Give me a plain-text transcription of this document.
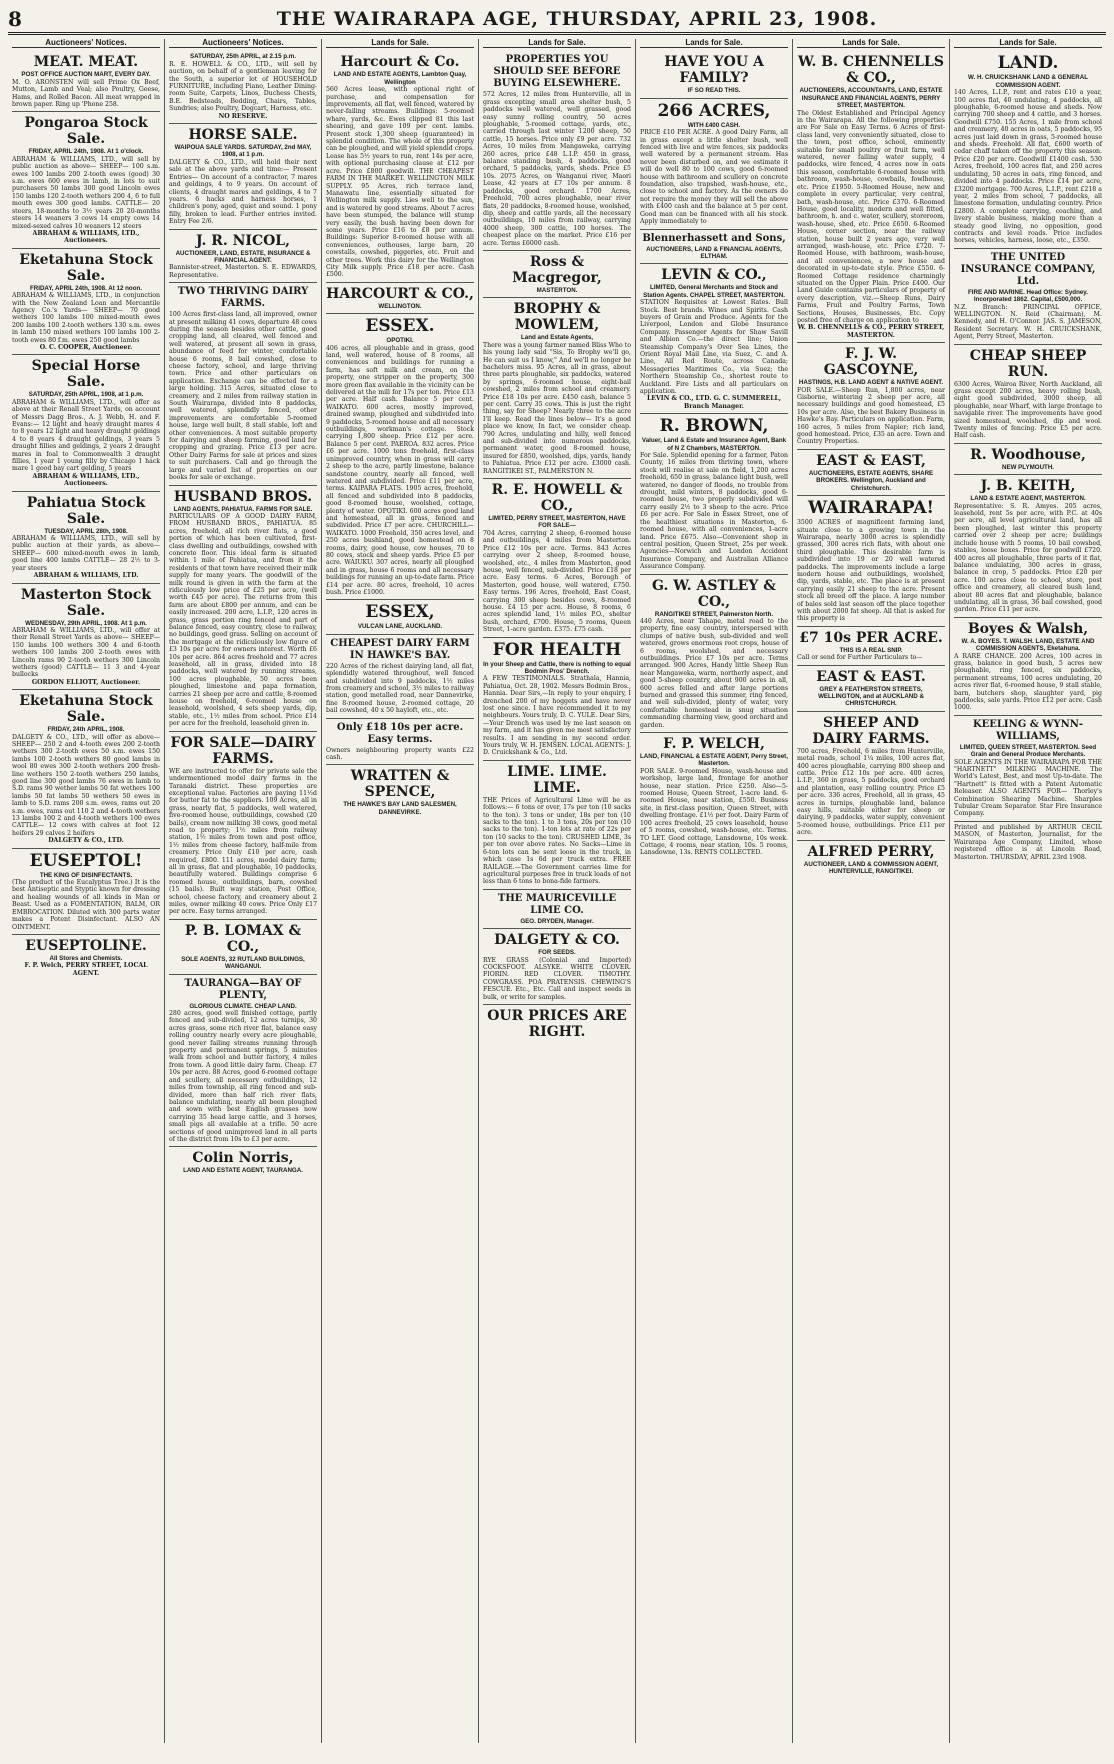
8	THE WAIRARAPA AGE, THURSDAY, APRIL 23, 1908.
Auctioneers' Notices.
MEAT. MEAT.
POST OFFICE AUCTION MART, EVERY DAY.
M. O. ARONSTEN will sell Prime Ox Beef, Mutton, Lamb and Veal; also Poultry, Geese, Hams, and Rolled Bacon. All meat wrapped in brown paper. Ring up 'Phone 258.
Pongaroa Stock Sale.
FRIDAY, APRIL 24th, 1908. At 1 o'clock.
ABRAHAM & WILLIAMS, LTD., will sell by public auction as above— SHEEP— 100 s.m. ewes 100 lambs 200 2-tooth ewes (good) 30 s.m. ewes 600 ewes in lamb, in lots to suit purchasers 50 lambs 300 good Lincoln ewes 150 lambs 120 2-tooth wethers 200 4, 6 to full mouth ewes 300 good lambs. CATTLE— 20 steers, 18-months to 3½ years 20 20-months steers 14 weaners 3 cows 14 empty cows 14 mixed-sexed calves 10 weaners 12 steers
ABRAHAM & WILLIAMS, LTD., Auctioneers.
Eketahuna Stock Sale.
FRIDAY, APRIL 24th, 1908. At 12 noon.
ABRAHAM & WILLIAMS, LTD., in conjunction with the New Zealand Loan and Mercantile Agency Co.'s Yards— SHEEP— 70 good wethers 100 lambs 100 mixed-mouth ewes 200 lambs 100 2-tooth wethers 130 s.m. ewes in lamb 150 mixed wethers 100 lambs 100 2-tooth ewes 80 f.m. ewes 250 good lambs
O. C. COOPER, Auctioneer.
Special Horse Sale.
SATURDAY, 25th APRIL, 1908, at 1 p.m.
ABRAHAM & WILLIAMS, LTD., will offer as above at their Renall Street Yards, on account of Messrs Dagg Bros., A. J. Webb, H. and F. Evans:— 12 light and heavy draught mares 4 to 8 years 12 light and heavy draught geldings 4 to 8 years 4 draught geldings, 3 years 5 draught fillies and geldings, 2 years 2 draught mares in foal to Commonwealth 3 draught fillies, 1 year 1 young filly by Chicago 1 hack mare 1 good bay cart gelding, 5 years
ABRAHAM & WILLIAMS, LTD., Auctioneers.
Pahiatua Stock Sale.
TUESDAY, APRIL 28th, 1908.
ABRAHAM & WILLIAMS, LTD., will sell by public auction at their yards, as above— SHEEP— 600 mixed-mouth ewes in lamb, good line 400 lambs CATTLE— 28 2½ to 3-year steers
ABRAHAM & WILLIAMS, LTD.
Masterton Stock Sale.
WEDNESDAY, 29th APRIL, 1908. At 1 p.m.
ABRAHAM & WILLIAMS, LTD., will offer at their Renall Street Yards as above— SHEEP— 150 lambs 100 wethers 300 4 and 6-tooth wethers 100 lambs 200 2-tooth ewes with Lincoln rams 90 2-tooth wethers 300 Lincoln wethers (good) CATTLE— 11 3 and 4-year bullocks
GORDON ELLIOTT, Auctioneer.
Eketahuna Stock Sale.
FRIDAY, 24th APRIL, 1908.
DALGETY & CO., LTD., will offer as above— SHEEP— 250 2 and 4-tooth ewes 200 2-tooth wethers 300 2-tooth ewes 50 s.m. ewes 150 lambs 100 2-tooth wethers 80 good lambs in wool 80 ewes 300 2-tooth wethers 200 fresh-line wethers 150 2-tooth wethers 250 lambs, good line 300 good lambs 76 ewes in lamb to S.D. rams 90 wether lambs 50 fat wethers 100 lambs 50 fat lambs 50 wethers 50 ewes in lamb to S.D. rams 200 s.m. ewes, rams out 20 s.m. ewes, rams out 110 2 and 4-tooth wethers 13 lambs 100 2 and 4-tooth wethers 100 ewes CATTLE— 12 cows with calves at foot 12 heifers 29 calves 2 heifers
DALGETY & CO., LTD.
EUSEPTOL!
THE KING OF DISINFECTANTS.
(The product of the Eucalyptus Tree.) It is the best Antiseptic and Styptic known for dressing and healing wounds of all kinds in Man or Beast. Used as a FOMENTATION, BALM, OR EMBROCATION. Diluted with 300 parts water makes a Potent Disinfectant. ALSO AN OINTMENT.
EUSEPTOLINE.
All Stores and Chemists.
F. P. Welch, PERRY STREET, LOCAL AGENT.
Auctioneers' Notices.
SATURDAY, 25th APRIL, at 2.15 p.m.
R. E. HOWELL & CO., LTD., will sell by auction, on behalf of a gentleman leaving for the South, a superior lot of HOUSEHOLD FURNITURE, including Piano, Leather Dining-room Suite, Carpets, Linos, Duchess Chests, B.E. Bedsteads, Bedding, Chairs, Tables, Sundries; also Poultry, Dogcart, Harness, etc.
NO RESERVE.
HORSE SALE.
WAIPOUA SALE YARDS. SATURDAY, 2nd MAY, 1908, at 1 p.m.
DALGETY & CO., LTD., will hold their next sale at the above yards and time:— Present Entries— On account of a contractor, 7 mares and geldings, 4 to 9 years. On account of clients, 4 draught mares and geldings, 4 to 7 years. 6 hacks and harness horses, 1 children's pony, aged, quiet and sound. 1 pony filly, broken to lead. Further entries invited. Entry Fee 2/6.
J. R. NICOL,
AUCTIONEER, LAND, ESTATE, INSURANCE & FINANCIAL AGENT.
Bannister-street, Masterton. S. E. EDWARDS, Representative.
TWO THRIVING DAIRY FARMS.
100 Acres first-class land, all improved, owner at present milking 41 cows, departure 48 cows during the season besides other cattle, good cropping land, all cleared, well fenced and well watered, at present all sown in grass, abundance of feed for winter, comfortable house 6 rooms, 8 bail cowshed, close to cheese factory, school, and large thriving town. Price and other particulars on application. Exchange can be effected for a large holding. 315 Acres, situated close to creamery, and 2 miles from railway station in South Wairarapa, divided into 8 paddocks, well watered, splendidly fenced, other improvements are comfortable 5-roomed house, large well built, 8 stall stable, loft and other conveniences. A most suitable property for dairying and sheep farming, good land for cropping and grazing. Price £13 per acre. Other Dairy Farms for sale at prices and sizes to suit purchasers. Call and go through the large and varied list of properties on our books for sale or exchange.
HUSBAND BROS.
LAND AGENTS, PAHIATUA. FARMS FOR SALE.
PARTICULARS OF A GOOD DAIRY FARM, FROM HUSBAND BROS., PAHIATUA. 85 acres, freehold, all rich river flats, a good portion of which has been cultivated, first-class dwelling and outbuildings, cowshed with concrete floor. This ideal farm is situated within 1 mile of Pahiatua, and from it the residents of that town have received their milk supply for many years. The goodwill of the milk round is given in with the farm at the ridiculously low price of £25 per acre, (well worth £45 per acre). The returns from this farm are about £800 per annum, and can be easily increased. 200 acre, L.I.P., 120 acres in grass, grass portion ring fenced and part of balance fenced, easy country, close to railway, no buildings, good grass. Selling on account of the mortgage at the ridiculously low figure of £3 10s per acre for owners interest. Worth £6 10s per acre. 864 acres freehold and 77 acres leasehold, all in grass, divided into 18 paddocks, well watered by running streams, 100 acres ploughable, 50 acres been ploughed, limestone and papa formation, carries 21 sheep per acre and cattle, 8-roomed house on freehold, 6-roomed house on leasehold, woolshed, 4 sets sheep yards, dip, stable, etc., 1½ miles from school. Price £14 per acre for the freehold, leasehold given in.
FOR SALE—DAIRY FARMS.
WE are instructed to offer for private sale the undermentioned model dairy farms in the Taranaki district. These properties are exceptional value. Factories are paying 11½d for butter fat to the suppliers. 109 Acres, all in grass, nearly flat, 5 paddocks, well watered, five-roomed house, outbuildings, cowshed (20 bails), cream now milking 38 cows, good metal road to property; 1½ miles from railway station, 1½ miles from town and post office, 1½ miles from cheese factory, half-mile from creamery. Price Only £10 per acre, cash required, £800. 111 acres, model dairy farm; all in grass, flat and ploughable, 10 paddocks, beautifully watered. Buildings comprise 6 roomed house, outbuildings, barn, cowshed (15 bails). Built way station, Post Office, school, cheese factory, and creamery about 2 miles, owner milking 40 cows. Price Only £17 per acre. Easy terms arranged.
P. B. LOMAX & CO.,
SOLE AGENTS, 32 RUTLAND BUILDINGS, WANGANUI.
TAURANGA—BAY OF PLENTY,
GLORIOUS CLIMATE. CHEAP LAND.
280 acres, good well finished cottage, partly fenced and sub-divided, 12 acres turnips, 30 acres grass, some rich river flat, balance easy rolling country nearly every acre ploughable, good never failing streams running through property and permanent springs, 5 minutes walk from school and butter factory, 4 miles from town. A good little dairy farm. Cheap. £7 10s per acre. 88 Acres, good 6-roomed cottage and scullery, all necessary outbuildings, 12 miles from township, all ring fenced and sub-divided, more than half rich river flats, balance undulating, nearly all been ploughed and sown with best English grasses now carrying 35 head large cattle, and 3 horses, small pigs all available at a trifle. 50 acre sections of good unimproved land in all parts of the district from 10s to £3 per acre.
Colin Norris,
LAND AND ESTATE AGENT, TAURANGA.
Lands for Sale.
Harcourt & Co.
LAND AND ESTATE AGENTS, Lambton Quay, Wellington
560 Acres lease, with optional right of purchase, and compensation for improvements, all flat, well fenced, watered by never-failing streams. Buildings: 5-roomed whare, yards, &c. Ewes clipped 81 this last shearing, and gave 109 per cent. lambs. Present stock 1,300 sheep (guaranteed) in splendid condition. The whole of this property can be ploughed, and will yield splendid crops. Lease has 5½ years to run, rent 14s per acre, with optional purchasing clause at £12 per acre. Price £800 goodwill. THE CHEAPEST FARM IN THE MARKET. WELLINGTON MILK SUPPLY. 95 Acres, rich terrace land, Manawatu line, essentially situated for Wellington milk supply. Lies well to the sun, and is watered by good streams. About 7 acres have been stumped, the balance will stump very easily, the bush having been down for some years. Price £16 to £8 per annum. Buildings: Superior 8-roomed house with all conveniences, outhouses, large barn, 20 cowstalls, cowshed, piggeries, etc. Fruit and other trees. Work this dairy for the Wellington City Milk supply. Price £18 per acre. Cash £500.
HARCOURT & CO.,
WELLINGTON.
ESSEX.
OPOTIKI.
406 acres, all ploughable and in grass, good land, well watered, house of 8 rooms, all conveniences and buildings for running a farm, has soft milk and cream, on the property, one stripper on the property, 300 more green flax available in the vicinity can be delivered at the mill for 17s per ton. Price £13 per acre. Half cash. Balance 5 per cent. WAIKATO. 600 acres, mostly improved, drained swamp, ploughed and subdivided into 9 paddocks, 5-roomed house and all necessary outbuildings, workman's cottage. Stock carrying 1,800 sheep. Price £12 per acre. Balance 5 per cent. PAEROA. 832 acres. Price £6 per acre. 1000 tons freehold, first-class unimproved country, when in grass will carry 2 sheep to the acre, partly limestone, balance sandstone country, nearly all fenced, well watered and subdivided. Price £11 per acre, terms. KAIPARA FLATS. 1905 acres, freehold, all fenced and subdivided into 8 paddocks, good 8-roomed house, woolshed, cottage, plenty of water. OPOTIKI. 600 acres good land and homestead, all in grass, fenced and subdivided. Price £7 per acre. CHURCHILL—WAIKATO. 1000 Freehold, 350 acres level, and 250 acres bushland, good homestead on 8 rooms, dairy, good house, cow houses, 70 to 80 cows, stock and sheep yards. Price £5 per acre. WAIUKU. 307 acres, nearly all ploughed and in grass, house 6 rooms and all necessary buildings for running an up-to-date farm. Price £14 per acre. 80 acres, freehold, 10 acres bush. Price £1000.
ESSEX,
VULCAN LANE, AUCKLAND.
CHEAPEST DAIRY FARM IN HAWKE'S BAY.
220 Acres of the richest dairying land, all flat, splendidly watered throughout, well fenced and subdivided into 9 paddocks, 1½ miles from creamery and school, 3½ miles to railway station, good metalled road, near Dannevirke, fine 8-roomed house, 2-roomed cottage, 20 bail cowshed, 40 x 50 hayloft, etc., etc.
Only £18 10s per acre. Easy terms.
Owners neighbouring property wants £22 cash.
WRATTEN & SPENCE,
THE HAWKE'S BAY LAND SALESMEN, DANNEVIRKE.
Lands for Sale.
PROPERTIES YOU SHOULD SEE BEFORE BUYING ELSEWHERE.
572 Acres, 12 miles from Hunterville, all in grass excepting small area shelter bush, 5 paddocks well watered, well grassed, good easy sunny rolling country, 50 acres ploughable, 5-roomed cottage, yards, etc., carried through last winter 1200 sheep, 50 cattle, 15 horses. Price only £9 per acre. 732 Acres, 10 miles from Mangaweka, carrying 260 acres, price £48 L.I.P. 450 in grass, balance standing bush, 4 paddocks, good orchard, 5 paddocks, yards, sheds. Price £5 10s. 2075 Acres, on Wanganui river, Maori Lease, 42 years at £7 10s per annum. 8 paddocks, good orchard. 1700 Acres, Freehold, 700 acres ploughable, near river flats, 20 paddocks, 8-roomed house, woolshed, dip, sheep and cattle yards, all the necessary outbuildings, 10 miles from railway, carrying 4000 sheep, 300 cattle, 100 horses. The cheapest place on the market. Price £16 per acre. Terms £6000 cash.
Ross & Macgregor,
MASTERTON.
BROPHY & MOWLEM,
Land and Estate Agents,
There was a young farmer named Bliss Who to his young lady said "Sis, To Brophy we'll go, He can suit us I know," And we'll no longer be bachelors miss. 95 Acres, all in grass, about three parts ploughable, six paddocks, watered by springs, 6-roomed house, eight-bail cowshed, 2 miles from school and creamery. Price £18 10s per acre. £450 cash, balance 5 per cent. Carry 35 cows. This is just the right thing, say for Sheep? Nearly three to the acre I'll keep. Read the lines below— It's a good place we know, In fact, we consider cheap. 790 Acres, undulating and hilly, well fenced and sub-divided into numerous paddocks, permanent water, good 8-roomed house, insured for £850, woolshed, dips, yards, handy to Pahiatua. Price £12 per acre. £3000 cash. RANGITIKEI ST., PALMERSTON N.
R. E. HOWELL & CO.,
LIMITED, PERRY STREET, MASTERTON, HAVE FOR SALE—
704 Acres, carrying 2 sheep, 6-roomed house and outbuildings, 4 miles from Masterton. Price £12 10s per acre. Terms. 843 Acres carrying over 2 sheep, 8-roomed house, woolshed, etc., 4 miles from Masterton, good house, well fenced, sub-divided. Price £18 per acre. Easy terms. 6 Acres, Borough of Masterton, good house, well watered, £750. Easy terms. 196 Acres, freehold, East Coast, carrying 300 sheep besides cows, 8-roomed house. £4 15 per acre. House, 8 rooms, 6 acres splendid land, 1½ miles P.O., shelter bush, orchard, £700. House, 5 rooms, Queen Street, 1-acre garden. £375. £75 cash.
FOR HEALTH
In your Sheep and Cattle, there is nothing to equal Bodmin Pros' Drench.
A FEW TESTIMONIALS. Strathala, Hannia, Pahiatua, Oct. 28, 1902. Messrs Bodmin Bros., Hannia. Dear Sirs,—In reply to your enquiry, I drenched 200 of my hoggets and have never lost one since. I have recommended it to my neighbours. Yours truly, D. C. YULE. Dear Sirs,—Your Drench was used by me last season on my farm, and it has given me most satisfactory results. I am sending in my second order. Yours truly, W. H. JEMSEN. LOCAL AGENTS: J. D. Cruickshank & Co., Ltd.
LIME. LIME. LIME.
THE Prices of Agricultural Lime will be as follows:— 6 tons or over, 17s per ton (10 sacks to the ton). 3 tons or under, 18s per ton (10 sacks to the ton). 1 to 3 tons, 20s per ton (10 sacks to the ton). 1-ton lots at rate of 22s per ton (10 sacks to the ton). CRUSHED LIME, 3s per ton over above rates. No Sacks—Lime in 6-ton lots can be sent loose in the truck, in which case 1s 6d per truck extra. FREE RAILAGE.—The Government carries lime for agricultural purposes free in truck loads of not less than 6 tons to bona-fide farmers.
THE MAURICEVILLE LIME CO.
GEO. DRYDEN, Manager.
DALGETY & CO.
FOR SEEDS.
RYE GRASS (Colonial and Imported) COCKSFOOT. ALSYKE. WHITE CLOVER. FIORIN. RED CLOVER. TIMOTHY. COWGRASS. POA PRATENSIS. CHEWING'S FESCUE. Etc., Etc. Call and inspect seeds in bulk, or write for samples.
OUR PRICES ARE RIGHT.
Lands for Sale.
HAVE YOU A FAMILY?
IF SO READ THIS.
266 ACRES,
WITH £400 CASH.
PRICE £10 PER ACRE. A good Dairy Farm, all in grass except a little shelter bush, well fenced with live and wire fences, six paddocks well watered by a permanent stream. Has never been disturbed on, and we estimate it will do well 80 to 100 cows, good 6-roomed house with bathroom and scullery on concrete foundation, also trapshed, wash-house, etc., close to school and factory. As the owners do not require the money they will sell the above with £400 cash and the balance at 5 per cent. Good man can be financed with all his stock. Apply immediately to
Blennerhassett and Sons,
AUCTIONEERS, LAND & FINANCIAL AGENTS, ELTHAM.
LEVIN & CO.,
LIMITED, General Merchants and Stock and Station Agents. CHAPEL STREET, MASTERTON.
STATION Requisites at Lowest Rates. Bull Stock. Best brands. Wines and Spirits. Cash buyers of Grain and Produce. Agents for the Liverpool, London and Globe Insurance Company. Passenger Agents for Shaw Savill and Albion Co.—the direct line; Union Steamship Company's Over Sea Lines, the Orient Royal Mail Line, via Suez, C. and A. Line, All Red Route, across Canada; Messageries Maritimes Co., via Suez; the Northern Steamship Co., shortest route to Auckland. Fire Lists and all particulars on application.
LEVIN & CO., LTD. G. C. SUMMERELL, Branch Manager.
R. BROWN,
Valuer, Land & Estate and Insurance Agent, Bank of N Z Chambers, MASTERTON.
For Sale. Splendid opening for a farmer, Paton County, 16 miles from thriving town, where stock will realise at sale on field, 1,200 acres freehold, 650 in grass, balance light bush, well watered, no danger of floods, no trouble from drought, mild winters, 8 paddocks, good 6-roomed house, two properly subdivided will carry easily 2½ to 3 sheep to the acre. Price £6 per acre. For Sale in Essex Street, one of the healthiest situations in Masterton, 6-roomed house, with all conveniences, 1-acre land. Price £675. Also—Convenient shop in central position, Queen Street, 25s per week. Agencies—Norwich and London Accident Insurance Company, and Australian Alliance Assurance Company.
G. W. ASTLEY & CO.,
RANGITIKEI STREET, Palmerston North.
440 Acres, near Tahape, metal road to the property, fine easy country, interspersed with clumps of native bush, sub-divided and well watered, grows enormous root crops, house of 6 rooms, woolshed, and necessary outbuildings. Price £7 10s per acre. Terms arranged. 900 Acres, Handy little Sheep Run near Mangaweka, warm, northerly aspect, and good 5-sheep country, about 900 acres in all, 600 acres felled and after large portions burned and grassed this summer, ring fenced, and well sub-divided, plenty of water, very comfortable homestead in snug situation commanding charming view, good orchard and garden.
F. P. WELCH,
LAND, FINANCIAL & ESTATE AGENT, Perry Street, Masterton.
FOR SALE. 9-roomed House, wash-house and workshop, large land, frontage for another house, near station. Price £250. Also—5-roomed House, Queen Street, 1-acre land. 6-roomed House, near station, £550. Business site, in first-class position, Queen Street, with dwelling frontage. £1½ per foot. Dairy Farm of 100 acres freehold, 25 cows leasehold, house of 5 rooms, cowshed, wash-house, etc. Terms. TO LET. Good cottage, Lansdowne, 10s week. Cottage, 4 rooms, near station, 10s. 5 rooms, Lansdowne, 13s. RENTS COLLECTED.
Lands for Sale.
W. B. CHENNELLS & CO.,
AUCTIONEERS, ACCOUNTANTS, LAND, ESTATE INSURANCE AND FINANCIAL AGENTS, PERRY STREET, MASTERTON.
The Oldest Established and Principal Agency in the Wairarapa. All the following properties are For Sale on Easy Terms. 6 Acres of first-class land, very conveniently situated, close to the town, post office, school, eminently suitable for small poultry or fruit farm, well watered, never failing water supply, 4 paddocks, wire fenced, 4 acres now in oats this season, comfortable 6-roomed house with bathroom, wash-house, cowbails, fowlhouse, etc. Price £1950. 5-Roomed House, new and complete in every particular, very central, bath, wash-house, etc. Price £370. 6-Roomed House, good locality, modern and well fitted, bathroom, h. and c. water, scullery, storeroom, wash-house, shed, etc. Price £650. 6-Roomed House, corner section, near the railway station, house built 2 years ago, very well arranged, wash-house, etc. Price £720. 7-Roomed House, with bathroom, wash-house, and all conveniences, a new house and decorated in up-to-date style. Price £550. 6-Roomed Cottage residence charmingly situated on the Upper Plain. Price £400. Our Land Guide contains particulars of property of every description, viz.—Sheep Runs, Dairy Farms, Fruit and Poultry Farms, Town Sections, Houses, Businesses, Etc. Copy posted free of charge on application to
W. B. CHENNELLS & CO., PERRY STREET, MASTERTON.
F. J. W. GASCOYNE,
HASTINGS, H.B. LAND AGENT & NATIVE AGENT.
FOR SALE.—Sheep Run, 1,800 acres, near Gisborne, wintering 2 sheep per acre, all necessary buildings and good homestead, £5 10s per acre. Also, the best Bakery Business in Hawke's Bay. Particulars on application. Farm, 160 acres, 5 miles from Napier; rich land, good homestead. Price, £35 an acre. Town and Country Properties.
EAST & EAST,
AUCTIONEERS, ESTATE AGENTS, SHARE BROKERS. Wellington, Auckland and Christchurch.
WAIRARAPA!
3500 ACRES of magnificent farming land, situate close to a growing town in the Wairarapa, nearly 3000 acres is splendidly grassed, 300 acres rich flats, with about one third ploughable. This desirable farm is subdivided into 19 or 20 well watered paddocks. The improvements include a large modern house and outbuildings, woolshed, dip, yards, stable, etc. The place is at present carrying easily 21 sheep to the acre. Present stock all breed off the place. A large number of bales sold last season off the place together with about 2000 fat sheep. All that is asked for this property is
£7 10s PER ACRE.
THIS IS A REAL SNIP.
Call or send for Further Particulars to—
EAST & EAST.
GREY & FEATHERSTON STREETS, WELLINGTON, and at AUCKLAND & CHRISTCHURCH.
SHEEP AND DAIRY FARMS.
700 acres, Freehold, 6 miles from Hunterville, metal roads, school 1¼ miles, 100 acres flat, 400 acres ploughable, carrying 800 sheep and cattle. Price £12 10s per acre. 400 acres, L.I.P., 360 in grass, 5 paddocks, good orchard and plantation, easy rolling country. Price £5 per acre. 336 acres, Freehold, all in grass, 45 acres in turnips, ploughable land, balance easy hills, suitable either for sheep or dairying, 9 paddocks, water supply, convenient 5-roomed house, outbuildings. Price £11 per acre.
ALFRED PERRY,
AUCTIONEER, LAND & COMMISSION AGENT, HUNTERVILLE, RANGITIKEI.
Lands for Sale.
LAND.
W. H. CRUICKSHANK LAND & GENERAL COMMISSION AGENT.
140 Acres, L.I.P., rent and rates £10 a year, 100 acres flat, 40 undulating, 4 paddocks, all ploughable, 6-roomed house and sheds. Now carrying 700 sheep and 4 cattle, and 3 horses. Goodwill £750. 155 Acres, 1 mile from school and creamery, 40 acres in oats, 5 paddocks, 95 acres just laid down in grass, 5-roomed house and sheds. Freehold. All flat, £600 worth of cedar chaff taken off the property this season. Price £20 per acre. Goodwill £1400 cash. 530 Acres, freehold, 100 acres flat, and 250 acres undulating, 50 acres in oats, ring fenced, and divided into 4 paddocks. Price £14 per acre, £3200 mortgage. 700 Acres, L.I.P., rent £218 a year, 2 miles from school, 7 paddocks, all limestone formation, undulating country. Price £2800. A complete carrying, coaching, and livery stable business, making more than a steady good living, no opposition, good contracts and level roads. Price includes horses, vehicles, harness, loose, etc., £350.
THE UNITED INSURANCE COMPANY, Ltd.
FIRE AND MARINE. Head Office: Sydney. Incorporated 1862. Capital, £500,000.
N.Z. Branch: PRINCIPAL OFFICE, WELLINGTON. N. Reid (Chairman), M. Kennedy, and H. O'Connor. JAS. S. JAMESON, Resident Secretary. W. H. CRUICKSHANK, Agent, Perry Street, Masterton.
CHEAP SHEEP RUN.
6300 Acres, Wairoa River, North Auckland, all grass except 200 acres, heavy rolling bush, eight good subdivided, 3000 sheep, all ploughable, near Wharf, with large frontage to navigable river. The improvements have good sized homestead, woolshed, dip and wool. Twenty miles of fencing. Price £5 per acre. Half cash.
R. Woodhouse,
NEW PLYMOUTH.
J. B. KEITH,
LAND & ESTATE AGENT, MASTERTON.
Representative: S. R. Amyes. 205 acres, leasehold, rent 5s per acre, with P.C. at 40s per acre, all level agricultural land, has all been ploughed, last winter this property carried over 2 sheep per acre; buildings include house with 5 rooms, 10 bail cowshed, stables, loose boxes. Price for goodwill £720. 400 acres all ploughable, three parts of it flat, balance undulating, 300 acres in grass, balance in crop, 5 paddocks. Price £20 per acre. 100 acres close to school, store, post office and creamery, all cleared bush land, about 80 acres flat and ploughable, balance undulating, all in grass, 36 bail cowshed, good garden. Price £11 per acre.
Boyes & Walsh,
W. A. BOYES. T. WALSH. LAND, ESTATE AND COMMISSION AGENTS, Eketahuna.
A RARE CHANCE. 200 Acres, 100 acres in grass, balance in good bush, 5 acres new ploughable, ring fenced, six paddocks, permanent streams, 100 acres undulating, 20 acres river flat, 6-roomed house, 9 stall stable, barn, butchers shop, slaughter yard, pig paddocks, sale yards. Price £12 per acre. Cash 1000.
KEELING & WYNN-WILLIAMS,
LIMITED, QUEEN STREET, MASTERTON. Seed Grain and General Produce Merchants.
SOLE AGENTS IN THE WAIRARAPA FOR THE "HARTNETT" MILKING MACHINE. The World's Latest, Best, and most Up-to-date. The "Hartnett" is fitted with a Patent Automatic Releaser. ALSO AGENTS FOR— Thorley's Combination Shearing Machine. Sharples Tubular Cream Separator. Star Fire Insurance Company.
Printed and published by ARTHUR CECIL MASON, of Masterton, Journalist, for the Wairarapa Age Company, Limited, whose registered office is at Lincoln Road, Masterton. THURSDAY, APRIL 23rd 1908.
